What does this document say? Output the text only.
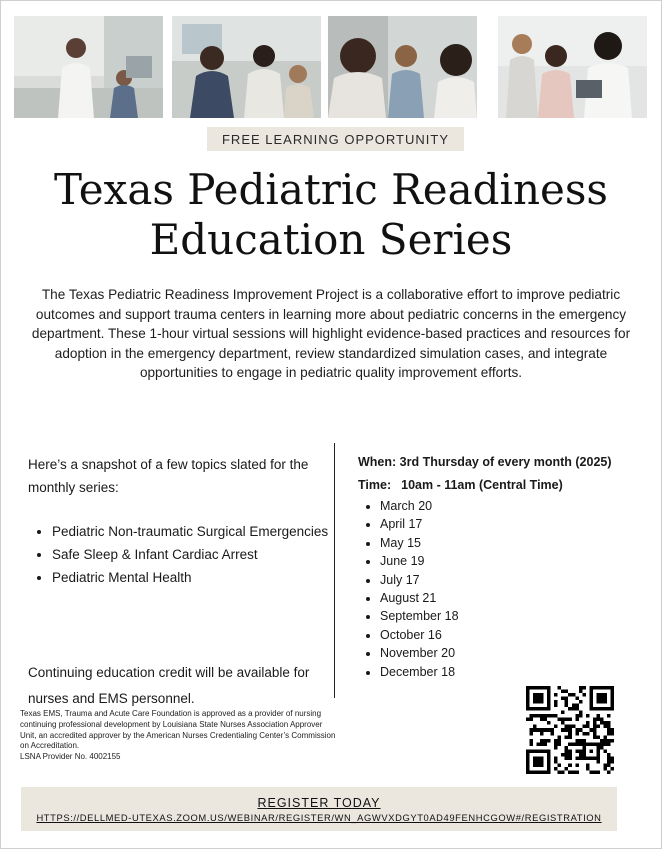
FREE LEARNING OPPORTUNITY
Texas Pediatric Readiness Education Series

The Texas Pediatric Readiness Improvement Project is a collaborative effort to improve pediatric outcomes and support trauma centers in learning more about pediatric concerns in the emergency department. These 1-hour virtual sessions will highlight evidence-based practices and resources for adoption in the emergency department, review standardized simulation cases, and integrate opportunities to engage in pediatric quality improvement efforts.

Here’s a snapshot of a few topics slated for the monthly series:

• Pediatric Non-traumatic Surgical Emergencies
• Safe Sleep & Infant Cardiac Arrest
• Pediatric Mental Health

Continuing education credit will be available for nurses and EMS personnel.

Texas EMS, Trauma and Acute Care Foundation is approved as a provider of nursing continuing professional development by Louisiana State Nurses Association Approver Unit, an accredited approver by the American Nurses Credentialing Center’s Commission on Accreditation.
LSNA Provider No. 4002155

When: 3rd Thursday of every month (2025)

Time: 10am - 11am (Central Time)

• March 20
• April 17
• May 15
• June 19
• July 17
• August 21
• September 18
• October 16
• November 20
• December 18
REGISTER TODAY
HTTPS://DELLMED-UTEXAS.ZOOM.US/WEBINAR/REGISTER/WN_AGWVXDGYT0AD49FENHCGOW#/REGISTRATION
